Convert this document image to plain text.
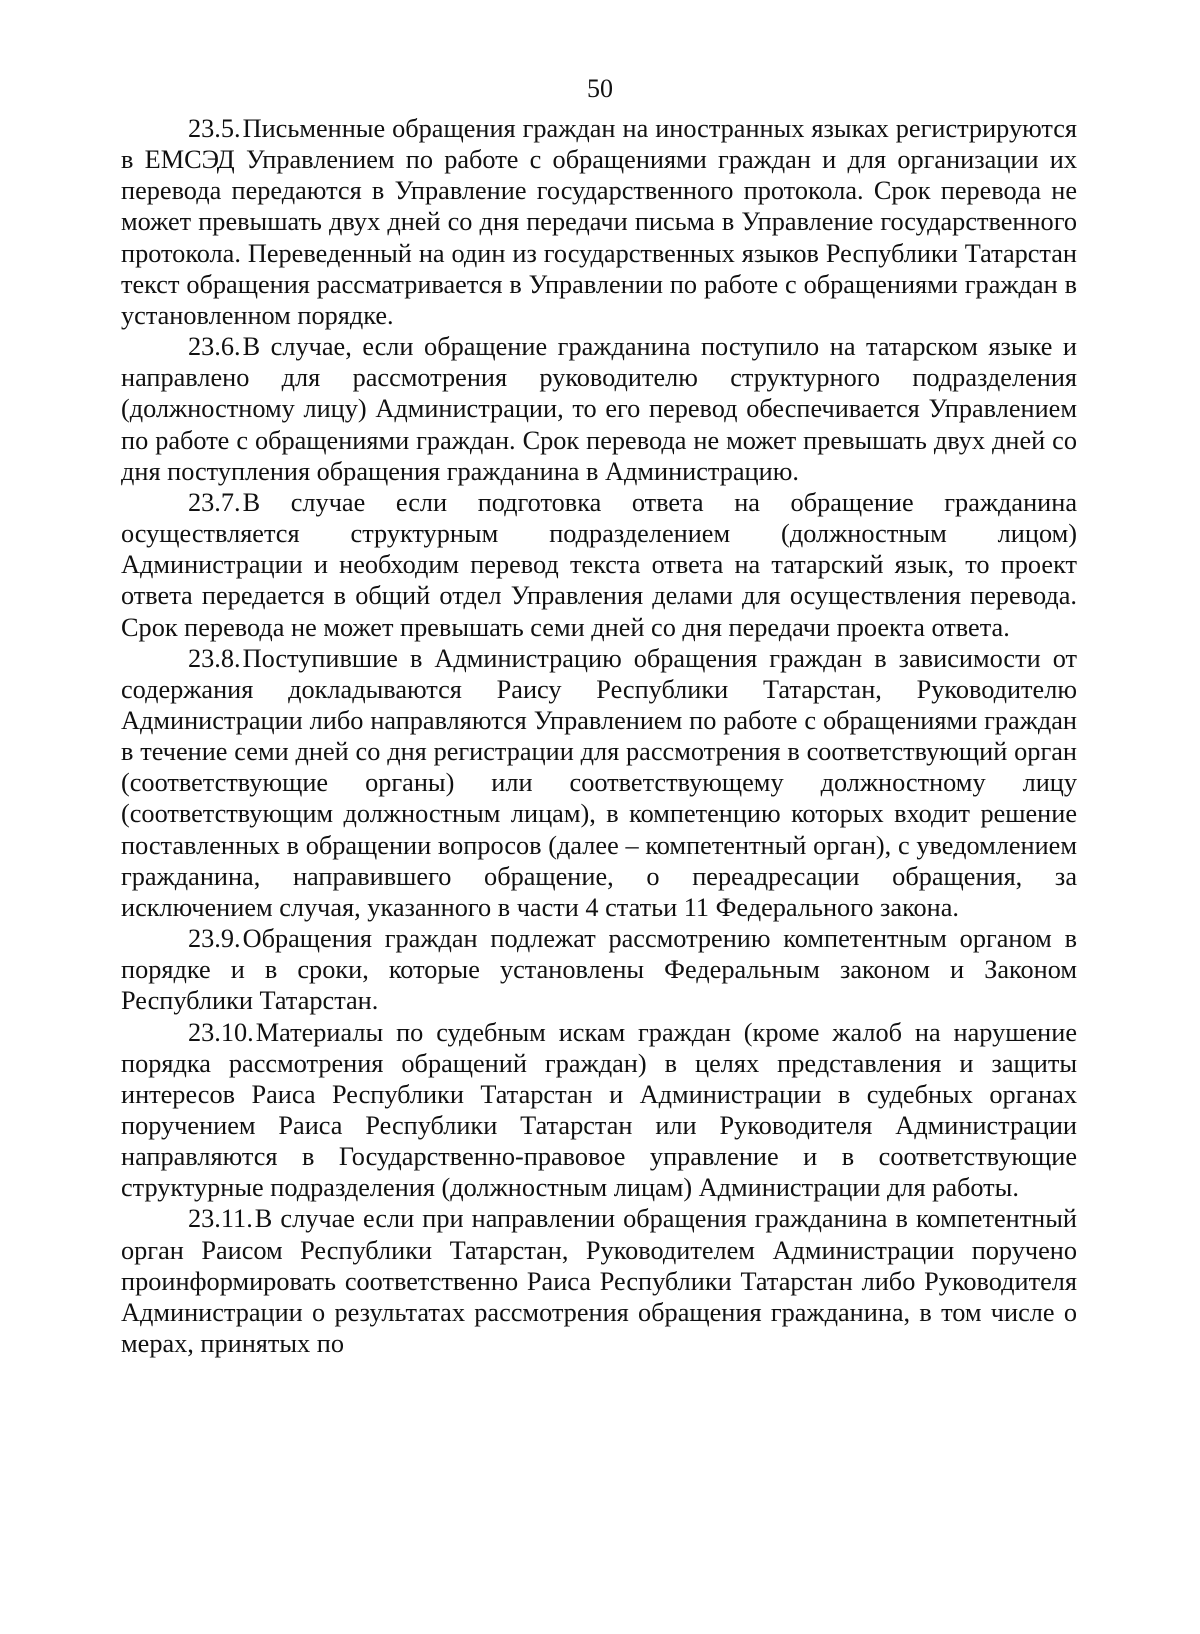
50

23.5.Письменные обращения граждан на иностранных языках регистрируются в ЕМСЭД Управлением по работе с обращениями граждан и для организации их перевода передаются в Управление государственного протокола. Срок перевода не может превышать двух дней со дня передачи письма в Управление государственного протокола. Переведенный на один из государственных языков Республики Татарстан текст обращения рассматривается в Управлении по работе с обращениями граждан в установленном порядке.

23.6.В случае, если обращение гражданина поступило на татарском языке и направлено для рассмотрения руководителю структурного подразделения (должностному лицу) Администрации, то его перевод обеспечивается Управлением по работе с обращениями граждан. Срок перевода не может превышать двух дней со дня поступления обращения гражданина в Администрацию.

23.7.В случае если подготовка ответа на обращение гражданина осуществляется структурным подразделением (должностным лицом) Администрации и необходим перевод текста ответа на татарский язык, то проект ответа передается в общий отдел Управления делами для осуществления перевода. Срок перевода не может превышать семи дней со дня передачи проекта ответа.

23.8.Поступившие в Администрацию обращения граждан в зависимости от содержания докладываются Раису Республики Татарстан, Руководителю Администрации либо направляются Управлением по работе с обращениями граждан в течение семи дней со дня регистрации для рассмотрения в соответствующий орган (соответствующие органы) или соответствующему должностному лицу (соответствующим должностным лицам), в компетенцию которых входит решение поставленных в обращении вопросов (далее – компетентный орган), с уведомлением гражданина, направившего обращение, о переадресации обращения, за исключением случая, указанного в части 4 статьи 11 Федерального закона.

23.9.Обращения граждан подлежат рассмотрению компетентным органом в порядке и в сроки, которые установлены Федеральным законом и Законом Республики Татарстан.

23.10.Материалы по судебным искам граждан (кроме жалоб на нарушение порядка рассмотрения обращений граждан) в целях представления и защиты интересов Раиса Республики Татарстан и Администрации в судебных органах поручением Раиса Республики Татарстан или Руководителя Администрации направляются в Государственно-правовое управление и в соответствующие структурные подразделения (должностным лицам) Администрации для работы.

23.11.В случае если при направлении обращения гражданина в компетентный орган Раисом Республики Татарстан, Руководителем Администрации поручено проинформировать соответственно Раиса Республики Татарстан либо Руководителя Администрации о результатах рассмотрения обращения гражданина, в том числе о мерах, принятых по
